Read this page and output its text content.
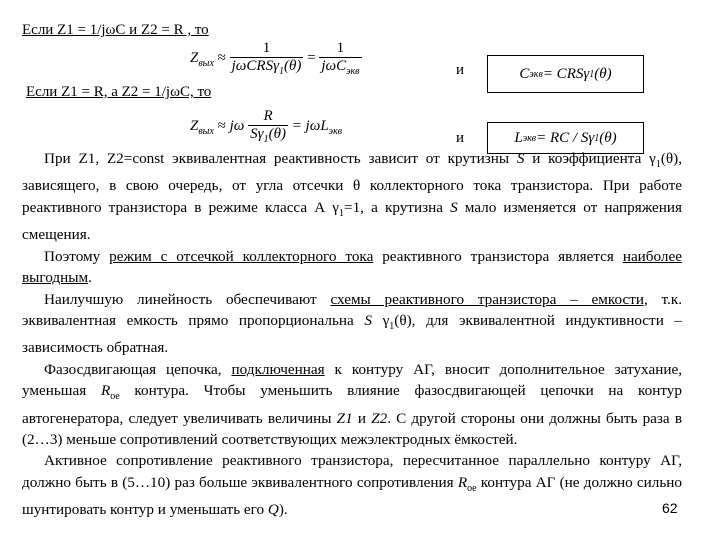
Если Z1 = 1/jωC и Z2 = R , то
$Z_{вых} \approx \frac{1}{j\omega CRS\gamma_1(\theta)} = \frac{1}{j\omega C_{экв}}$	и	C экв = CRSγ 1 (θ)
Если Z1 = R, а Z2 = 1/jωC, то
$Z_{вых} \approx j\omega \frac{R}{S\gamma_1(\theta)} = j\omega L_{экв}$	и	L экв = RC / Sγ 1 (θ)

При Z1, Z2=const эквивалентная реактивность зависит от крутизны S и коэффициента $\gamma_1(\theta)$, зависящего, в свою очередь, от угла отсечки θ коллекторного тока транзистора. При работе реактивного транзистора в режиме класса А $\gamma_1=1$, а крутизна S мало изменяется от напряжения смещения.

Поэтому режим с отсечкой коллекторного тока реактивного транзистора является наиболее выгодным.

Наилучшую линейность обеспечивают схемы реактивного транзистора – емкости, т.к. эквивалентная емкость прямо пропорциональна S $\gamma_1(\theta)$, для эквивалентной индуктивности – зависимость обратная.

Фазосдвигающая цепочка, подключенная к контуру АГ, вносит дополнительное затухание, уменьшая $R_{oe}$ контура. Чтобы уменьшить влияние фазосдвигающей цепочки на контур автогенератора, следует увеличивать величины Z1 и Z2. С другой стороны они должны быть раза в (2…3) меньше сопротивлений соответствующих межэлектродных ёмкостей.

Активное сопротивление реактивного транзистора, пересчитанное параллельно контуру АГ, должно быть в (5…10) раз больше эквивалентного сопротивления $R_{oe}$ контура АГ (не должно сильно шунтировать контур и уменьшать его Q).	62
